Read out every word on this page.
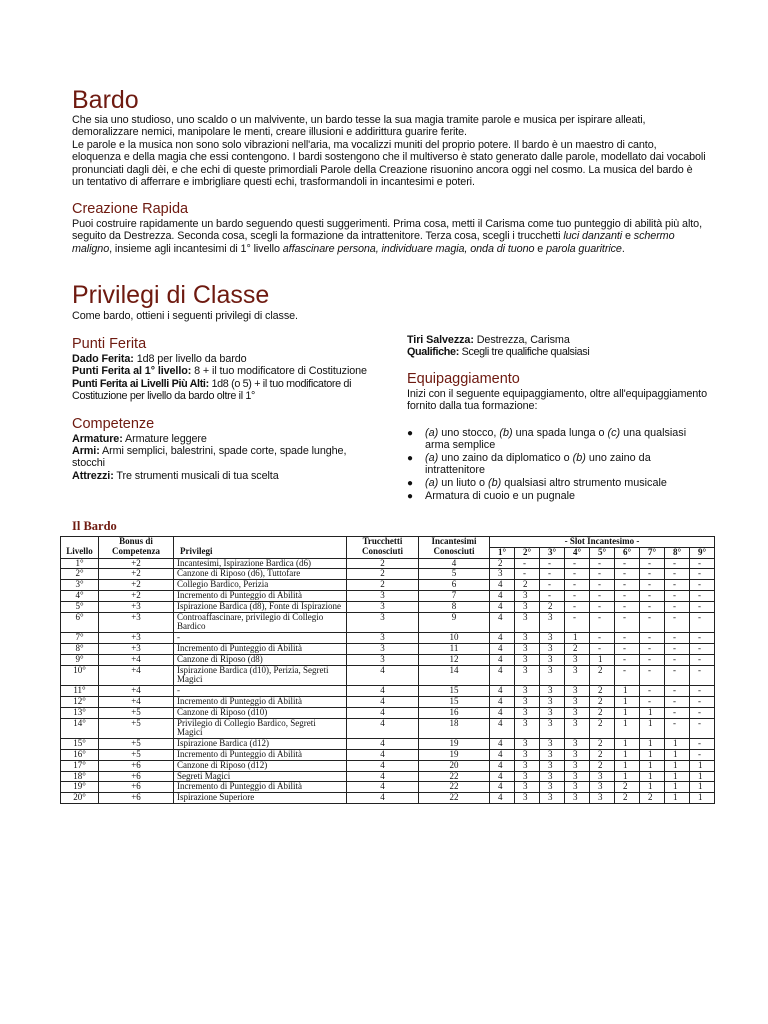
Bardo

Che sia uno studioso, uno scaldo o un malvivente, un bardo tesse la sua magia tramite parole e musica per ispirare alleati, demoralizzare nemici, manipolare le menti, creare illusioni e addirittura guarire ferite.

Le parole e la musica non sono solo vibrazioni nell'aria, ma vocalizzi muniti del proprio potere. Il bardo è un maestro di canto, eloquenza e della magia che essi contengono. I bardi sostengono che il multiverso è stato generato dalle parole, modellato dai vocaboli pronunciati dagli dèi, e che echi di queste primordiali Parole della Creazione risuonino ancora oggi nel cosmo. La musica del bardo è un tentativo di afferrare e imbrigliare questi echi, trasformandoli in incantesimi e poteri.

Creazione Rapida

Puoi costruire rapidamente un bardo seguendo questi suggerimenti. Prima cosa, metti il Carisma come tuo punteggio di abilità più alto, seguito da Destrezza. Seconda cosa, scegli la formazione da intrattenitore. Terza cosa, scegli i trucchetti luci danzanti e schermo maligno, insieme agli incantesimi di 1° livello affascinare persona, individuare magia, onda di tuono e parola guaritrice.

Privilegi di Classe

Come bardo, ottieni i seguenti privilegi di classe.

Punti Ferita

Dado Ferita: 1d8 per livello da bardo

Punti Ferita al 1° livello: 8 + il tuo modificatore di Costituzione

Punti Ferita ai Livelli Più Alti: 1d8 (o 5) + il tuo modificatore di Costituzione per livello da bardo oltre il 1°

Competenze

Armature: Armature leggere

Armi: Armi semplici, balestrini, spade corte, spade lunghe, stocchi

Attrezzi: Tre strumenti musicali di tua scelta

Tiri Salvezza: Destrezza, Carisma

Qualifiche: Scegli tre qualifiche qualsiasi

Equipaggiamento

Inizi con il seguente equipaggiamento, oltre all'equipaggiamento fornito dalla tua formazione:

● (a) uno stocco, (b) una spada lunga o (c) una qualsiasi arma semplice
● (a) uno zaino da diplomatico o (b) uno zaino da intrattenitore
● (a) un liuto o (b) qualsiasi altro strumento musicale
● Armatura di cuoio e un pugnale
Il Bardo
	Bonus di		Trucchetti	Incantesimi	- Slot Incantesimo -								
Livello	Competenza	Privilegi	Conosciuti	Conosciuti	1°	2°	3°	4°	5°	6°	7°	8°	9°
1°	+2	Incantesimi, Ispirazione Bardica (d6)	2	4	2	-	-	-	-	-	-	-	-
2°	+2	Canzone di Riposo (d6), Tuttofare	2	5	3	-	-	-	-	-	-	-	-
3°	+2	Collegio Bardico, Perizia	2	6	4	2	-	-	-	-	-	-	-
4°	+2	Incremento di Punteggio di Abilità	3	7	4	3	-	-	-	-	-	-	-
5°	+3	Ispirazione Bardica (d8), Fonte di Ispirazione	3	8	4	3	2	-	-	-	-	-	-
6°	+3	Controaffascinare, privilegio di Collegio Bardico	3	9	4	3	3	-	-	-	-	-	-
7°	+3	-	3	10	4	3	3	1	-	-	-	-	-
8°	+3	Incremento di Punteggio di Abilità	3	11	4	3	3	2	-	-	-	-	-
9°	+4	Canzone di Riposo (d8)	3	12	4	3	3	3	1	-	-	-	-
10°	+4	Ispirazione Bardica (d10), Perizia, Segreti Magici	4	14	4	3	3	3	2	-	-	-	-
11°	+4	-	4	15	4	3	3	3	2	1	-	-	-
12°	+4	Incremento di Punteggio di Abilità	4	15	4	3	3	3	2	1	-	-	-
13°	+5	Canzone di Riposo (d10)	4	16	4	3	3	3	2	1	1	-	-
14°	+5	Privilegio di Collegio Bardico, Segreti Magici	4	18	4	3	3	3	2	1	1	-	-
15°	+5	Ispirazione Bardica (d12)	4	19	4	3	3	3	2	1	1	1	-
16°	+5	Incremento di Punteggio di Abilità	4	19	4	3	3	3	2	1	1	1	-
17°	+6	Canzone di Riposo (d12)	4	20	4	3	3	3	2	1	1	1	1
18°	+6	Segreti Magici	4	22	4	3	3	3	3	1	1	1	1
19°	+6	Incremento di Punteggio di Abilità	4	22	4	3	3	3	3	2	1	1	1
20°	+6	Ispirazione Superiore	4	22	4	3	3	3	3	2	2	1	1
